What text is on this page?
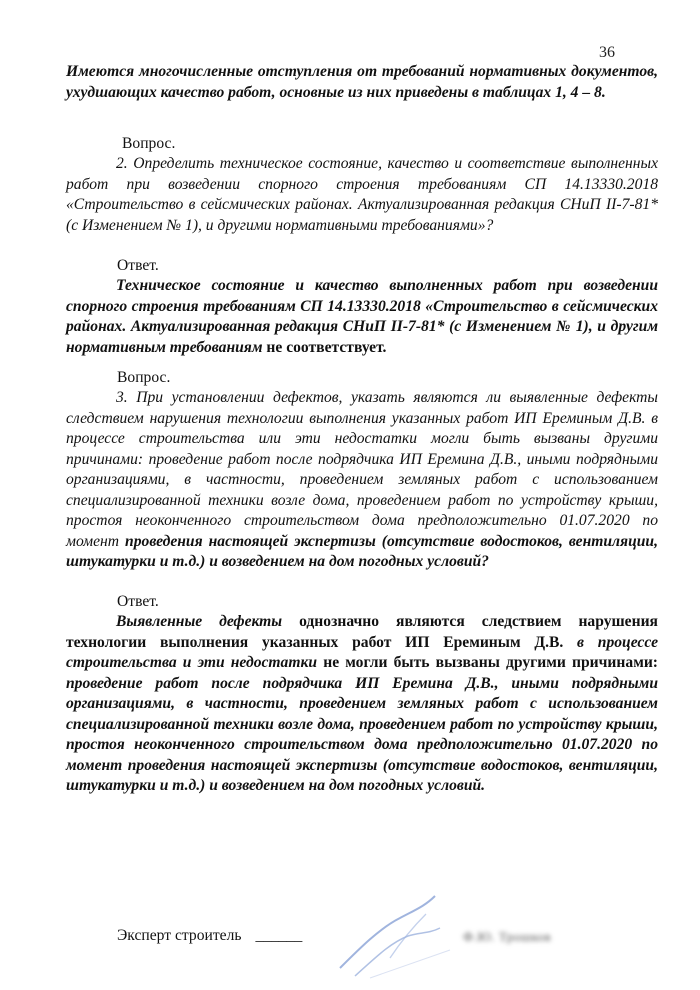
36

Имеются многочисленные отступления от требований нормативных документов, ухудшающих качество работ, основные из них приведены в таблицах 1, 4 – 8.

Вопрос.

2. Определить техническое состояние, качество и соответствие выполненных работ при возведении спорного строения требованиям СП 14.13330.2018 «Строительство в сейсмических районах. Актуализированная редакция СНиП II-7-81* (с Изменением № 1), и другими нормативными требованиями»?

Ответ.

Техническое состояние и качество выполненных работ при возведении спорного строения требованиям СП 14.13330.2018 «Строительство в сейсмических районах. Актуализированная редакция СНиП II-7-81* (с Изменением № 1), и другим нормативным требованиям не соответствует.

Вопрос.

3. При установлении дефектов, указать являются ли выявленные дефекты следствием нарушения технологии выполнения указанных работ ИП Ереминым Д.В. в процессе строительства или эти недостатки могли быть вызваны другими причинами: проведение работ после подрядчика ИП Еремина Д.В., иными подрядными организациями, в частности, проведением земляных работ с использованием специализированной техники возле дома, проведением работ по устройству крыши, простоя неоконченного строительством дома предположительно 01.07.2020 по момент проведения настоящей экспертизы (отсутствие водостоков, вентиляции, штукатурки и т.д.) и возведением на дом погодных условий?

Ответ.

Выявленные дефекты однозначно являются следствием нарушения технологии выполнения указанных работ ИП Ереминым Д.В. в процессе строительства и эти недостатки не могли быть вызваны другими причинами: проведение работ после подрядчика ИП Еремина Д.В., иными подрядными организациями, в частности, проведением земляных работ с использованием специализированной техники возле дома, проведением работ по устройству крыши, простоя неоконченного строительством дома предположительно 01.07.2020 по момент проведения настоящей экспертизы (отсутствие водостоков, вентиляции, штукатурки и т.д.) и возведением на дом погодных условий.

Эксперт строитель ______	Ф.Ю. Трошков
